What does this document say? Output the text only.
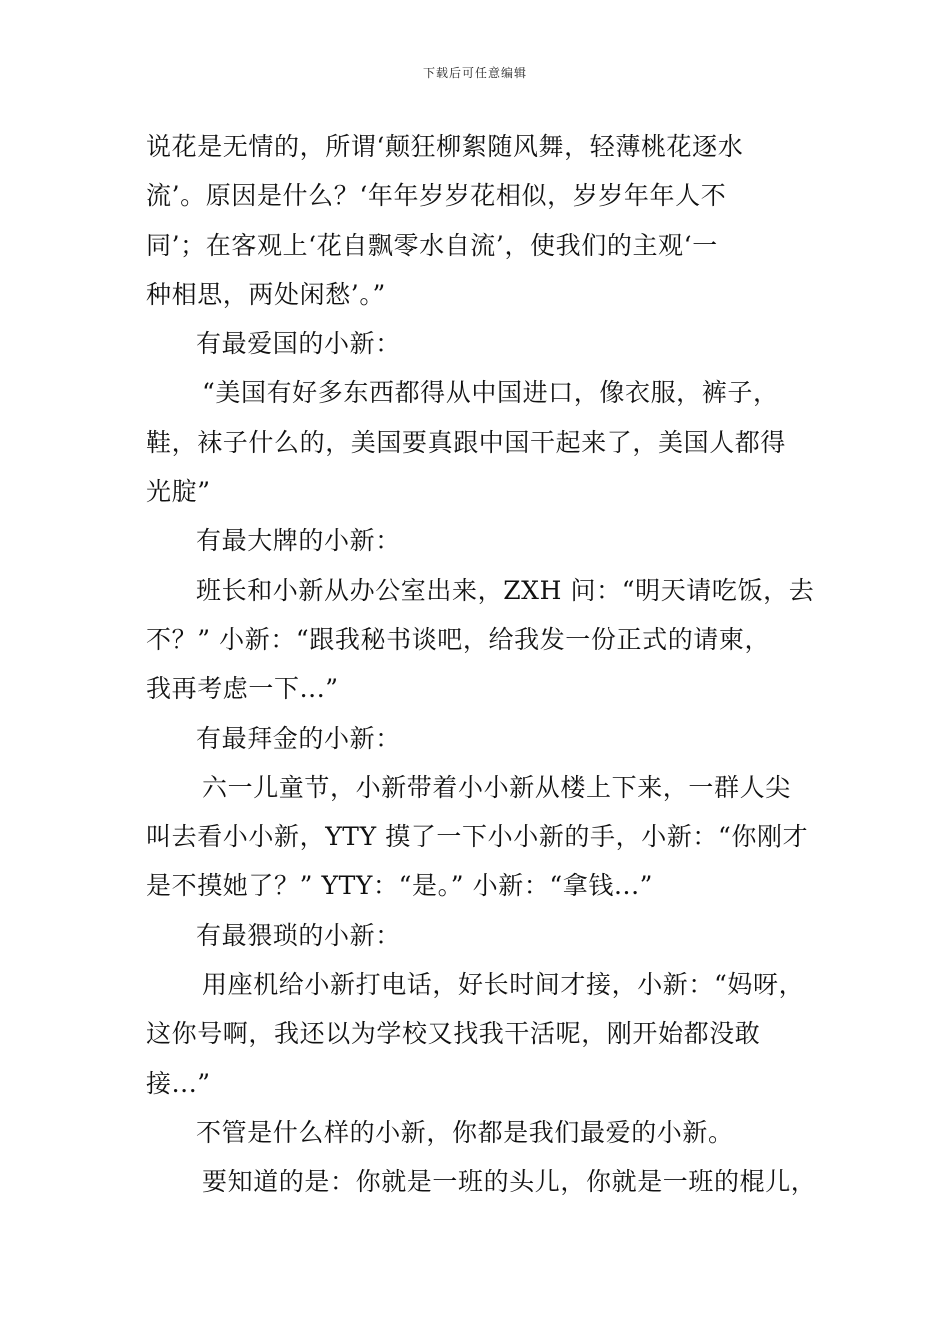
下载后可任意编辑
说花是无情的，所谓‘颠狂柳絮随风舞，轻薄桃花逐水
流’。原因是什么？‘年年岁岁花相似，岁岁年年人不
同’；在客观上‘花自飘零水自流’，使我们的主观‘一
种相思，两处闲愁’。”
有最爱国的小新：
“美国有好多东西都得从中国进口，像衣服，裤子，
鞋，袜子什么的，美国要真跟中国干起来了，美国人都得
光腚”
有最大牌的小新：
班长和小新从办公室出来，ZXH 问：“明天请吃饭，去
不？” 小新：“跟我秘书谈吧，给我发一份正式的请柬，
我再考虑一下...”
有最拜金的小新：
六一儿童节，小新带着小小新从楼上下来，一群人尖
叫去看小小新，YTY 摸了一下小小新的手，小新：“你刚才
是不摸她了？” YTY：“是。” 小新：“拿钱...”
有最猥琐的小新：
用座机给小新打电话，好长时间才接，小新：“妈呀，
这你号啊，我还以为学校又找我干活呢，刚开始都没敢
接...”
不管是什么样的小新，你都是我们最爱的小新。
要知道的是：你就是一班的头儿，你就是一班的棍儿，
